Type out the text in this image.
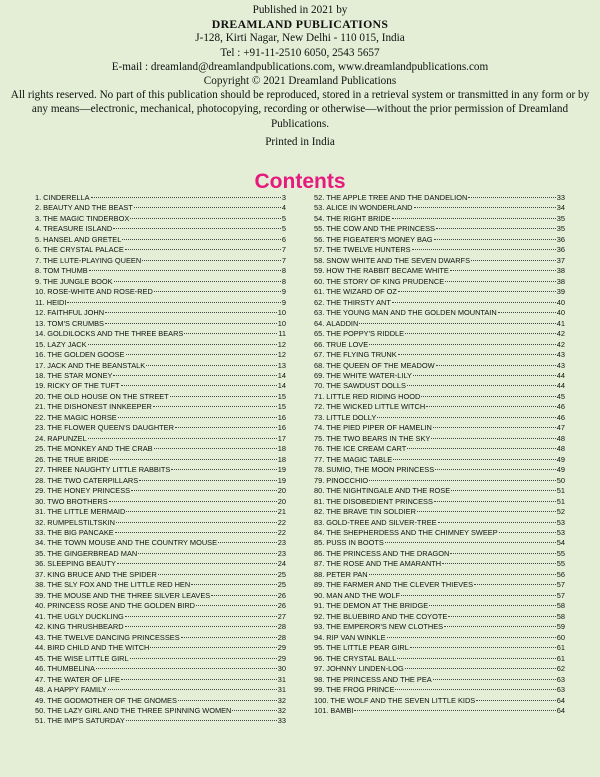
Published in 2021 by
DREAMLAND PUBLICATIONS
J-128, Kirti Nagar, New Delhi - 110 015, India
Tel : +91-11-2510 6050, 2543 5657
E-mail : dreamland@dreamlandpublications.com, www.dreamlandpublications.com
Copyright © 2021 Dreamland Publications
All rights reserved. No part of this publication should be reproduced, stored in a retrieval system or transmitted in any form or by any means—electronic, mechanical, photocopying, recording or otherwise—without the prior permission of Dreamland Publications.
Printed in India
Contents
1. CINDERELLA	3
2. BEAUTY AND THE BEAST	4
3. THE MAGIC TINDERBOX	5
4. TREASURE ISLAND	5
5. HANSEL AND GRETEL	6
6. THE CRYSTAL PALACE	7
7. THE LUTE-PLAYING QUEEN	7
8. TOM THUMB	8
9. THE JUNGLE BOOK	8
10. ROSE-WHITE AND ROSE-RED	9
11. HEIDI	9
12. FAITHFUL JOHN	10
13. TOM'S CRUMBS	10
14. GOLDILOCKS AND THE THREE BEARS	11
15. LAZY JACK	12
16. THE GOLDEN GOOSE	12
17. JACK AND THE BEANSTALK	13
18. THE STAR MONEY	14
19. RICKY OF THE TUFT	14
20. THE OLD HOUSE ON THE STREET	15
21. THE DISHONEST INNKEEPER	15
22. THE MAGIC HORSE	16
23. THE FLOWER QUEEN'S DAUGHTER	16
24. RAPUNZEL	17
25. THE MONKEY AND THE CRAB	18
26. THE TRUE BRIDE	18
27. THREE NAUGHTY LITTLE RABBITS	19
28. THE TWO CATERPILLARS	19
29. THE HONEY PRINCESS	20
30. TWO BROTHERS	20
31. THE LITTLE MERMAID	21
32. RUMPELSTILTSKIN	22
33. THE BIG PANCAKE	22
34. THE TOWN MOUSE AND THE COUNTRY MOUSE	23
35. THE GINGERBREAD MAN	23
36. SLEEPING BEAUTY	24
37. KING BRUCE AND THE SPIDER	25
38. THE SLY FOX AND THE LITTLE RED HEN	25
39. THE MOUSE AND THE THREE SILVER LEAVES	26
40. PRINCESS ROSE AND THE GOLDEN BIRD	26
41. THE UGLY DUCKLING	27
42. KING THRUSHBEARD	28
43. THE TWELVE DANCING PRINCESSES	28
44. BIRD CHILD AND THE WITCH	29
45. THE WISE LITTLE GIRL	29
46. THUMBELINA	30
47. THE WATER OF LIFE	31
48. A HAPPY FAMILY	31
49. THE GODMOTHER OF THE GNOMES	32
50. THE LAZY GIRL AND THE THREE SPINNING WOMEN	32
51. THE IMP'S SATURDAY	33
52. THE APPLE TREE AND THE DANDELION	33
53. ALICE IN WONDERLAND	34
54. THE RIGHT BRIDE	35
55. THE COW AND THE PRINCESS	35
56. THE FIGEATER'S MONEY BAG	36
57. THE TWELVE HUNTERS	36
58. SNOW WHITE AND THE SEVEN DWARFS	37
59. HOW THE RABBIT BECAME WHITE	38
60. THE STORY OF KING PRUDENCE	38
61. THE WIZARD OF OZ	39
62. THE THIRSTY ANT	40
63. THE YOUNG MAN AND THE GOLDEN MOUNTAIN	40
64. ALADDIN	41
65. THE POPPY'S RIDDLE	42
66. TRUE LOVE	42
67. THE FLYING TRUNK	43
68. THE QUEEN OF THE MEADOW	43
69. THE WHITE WATER-LILY	44
70. THE SAWDUST DOLLS	44
71. LITTLE RED RIDING HOOD	45
72. THE WICKED LITTLE WITCH	46
73. LITTLE DOLLY	46
74. THE PIED PIPER OF HAMELIN	47
75. THE TWO BEARS IN THE SKY	48
76. THE ICE CREAM CART	48
77. THE MAGIC TABLE	49
78. SUMIO, THE MOON PRINCESS	49
79. PINOCCHIO	50
80. THE NIGHTINGALE AND THE ROSE	51
81. THE DISOBEDIENT PRINCESS	51
82. THE BRAVE TIN SOLDIER	52
83. GOLD-TREE AND SILVER-TREE	53
84. THE SHEPHERDESS AND THE CHIMNEY SWEEP	53
85. PUSS IN BOOTS	54
86. THE PRINCESS AND THE DRAGON	55
87. THE ROSE AND THE AMARANTH	55
88. PETER PAN	56
89. THE FARMER AND THE CLEVER THIEVES	57
90. MAN AND THE WOLF	57
91. THE DEMON AT THE BRIDGE	58
92. THE BLUEBIRD AND THE COYOTE	58
93. THE EMPEROR'S NEW CLOTHES	59
94. RIP VAN WINKLE	60
95. THE LITTLE PEAR GIRL	61
96. THE CRYSTAL BALL	61
97. JOHNNY LINDEN-LOG	62
98. THE PRINCESS AND THE PEA	63
99. THE FROG PRINCE	63
100. THE WOLF AND THE SEVEN LITTLE KIDS	64
101. BAMBI	64
